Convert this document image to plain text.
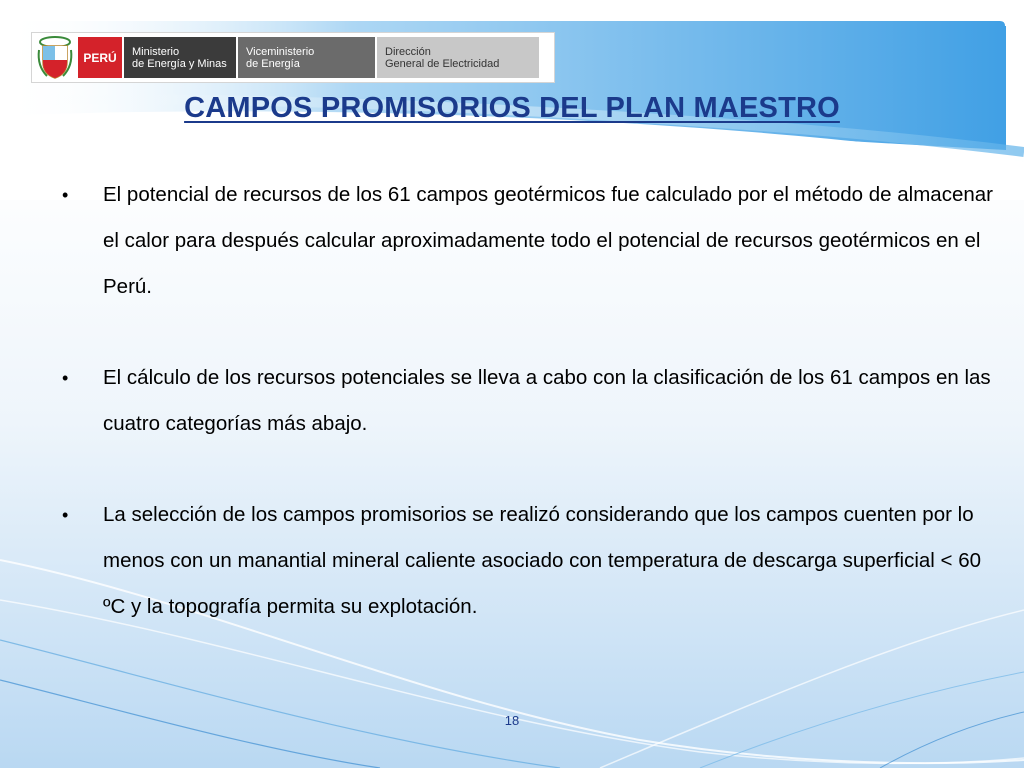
PERÚ	Ministerio
de Energía y Minas
Viceministerio
de Energía
Dirección
General de Electricidad
CAMPOS PROMISORIOS DEL PLAN MAESTRO
• El potencial de recursos de los 61 campos geotérmicos fue calculado por el método de almacenar el calor para después calcular aproximadamente todo el potencial de recursos geotérmicos en el Perú.
• El cálculo de los recursos potenciales se lleva a cabo con la clasificación de los 61 campos en las cuatro categorías más abajo.
• La selección de los campos promisorios se realizó considerando que los campos cuenten por lo menos con un manantial mineral caliente asociado con temperatura de descarga superficial < 60 ºC y la topografía permita su explotación.
18
